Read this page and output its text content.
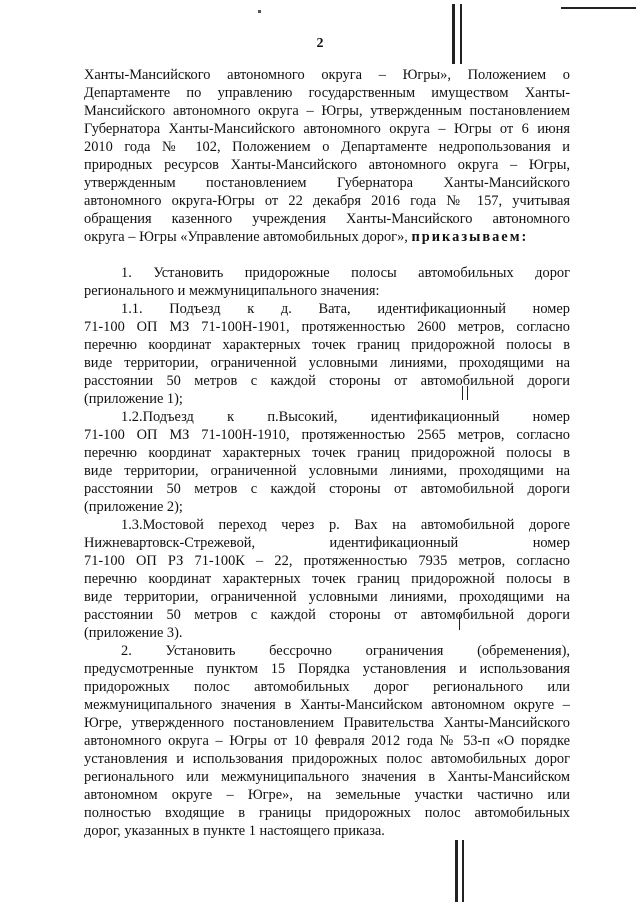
2
Ханты-Мансийского автономного округа – Югры», Положением о
Департаменте по управлению государственным имуществом Ханты-
Мансийского автономного округа – Югры, утвержденным постановлением
Губернатора Ханты-Мансийского автономного округа – Югры от 6 июня
2010 года № 102, Положением о Департаменте недропользования и
природных ресурсов Ханты-Мансийского автономного округа – Югры,
утвержденным постановлением Губернатора Ханты-Мансийского
автономного округа-Югры от 22 декабря 2016 года № 157, учитывая
обращения казенного учреждения Ханты-Мансийского автономного
округа – Югры «Управление автомобильных дорог», приказываем:
1. Установить придорожные полосы автомобильных дорог
регионального и межмуниципального значения:
1.1. Подъезд к д. Вата, идентификационный номер
71-100 ОП МЗ 71-100Н-1901, протяженностью 2600 метров, согласно
перечню координат характерных точек границ придорожной полосы в
виде территории, ограниченной условными линиями, проходящими на
расстоянии 50 метров с каждой стороны от автомобильной дороги
(приложение 1);
1.2.Подъезд к п.Высокий, идентификационный номер
71-100 ОП МЗ 71-100Н-1910, протяженностью 2565 метров, согласно
перечню координат характерных точек границ придорожной полосы в
виде территории, ограниченной условными линиями, проходящими на
расстоянии 50 метров с каждой стороны от автомобильной дороги
(приложение 2);
1.3.Мостовой переход через р. Вах на автомобильной дороге
Нижневартовск-Стрежевой, идентификационный номер
71-100 ОП РЗ 71-100К – 22, протяженностью 7935 метров, согласно
перечню координат характерных точек границ придорожной полосы в
виде территории, ограниченной условными линиями, проходящими на
расстоянии 50 метров с каждой стороны от автомобильной дороги
(приложение 3).
2. Установить бессрочно ограничения (обременения),
предусмотренные пунктом 15 Порядка установления и использования
придорожных полос автомобильных дорог регионального или
межмуниципального значения в Ханты-Мансийском автономном округе –
Югре, утвержденного постановлением Правительства Ханты-Мансийского
автономного округа – Югры от 10 февраля 2012 года № 53-п «О порядке
установления и использования придорожных полос автомобильных дорог
регионального или межмуниципального значения в Ханты-Мансийском
автономном округе – Югре», на земельные участки частично или
полностью входящие в границы придорожных полос автомобильных
дорог, указанных в пункте 1 настоящего приказа.
